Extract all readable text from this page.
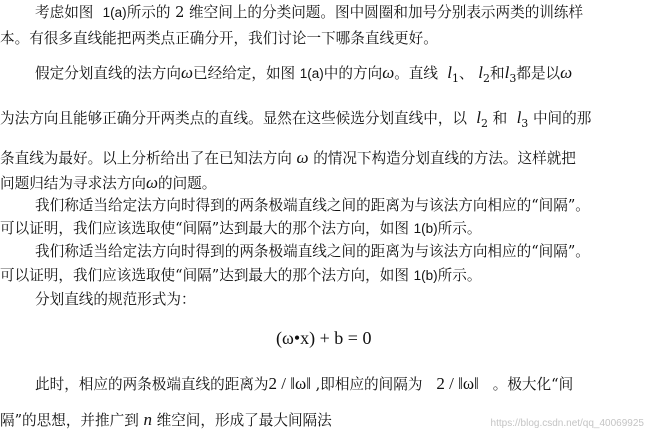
考虑如图 1(a)所示的 2 维空间上的分类问题。图中圆圈和加号分别表示两类的训练样
本。有很多直线能把两类点正确分开，我们讨论一下哪条直线更好。
假定分划直线的法方向ω已经给定，如图 1(a)中的方向ω。直线 $l_1$、 $l_2$和$l_3$都是以ω
为法方向且能够正确分开两类点的直线。显然在这些候选分划直线中，以 $l_2$ 和 $l_3$ 中间的那
条直线为最好。以上分析给出了在已知法方向 ω 的情况下构造分划直线的方法。这样就把
问题归结为寻求法方向ω的问题。
我们称适当给定法方向时得到的两条极端直线之间的距离为与该法方向相应的“间隔”。
可以证明，我们应该选取使“间隔”达到最大的那个法方向，如图 1(b)所示。
我们称适当给定法方向时得到的两条极端直线之间的距离为与该法方向相应的“间隔”。
可以证明，我们应该选取使“间隔”达到最大的那个法方向，如图 1(b)所示。
分划直线的规范形式为：
(ω•x) + b = 0
此时，相应的两条极端直线的距离为2 / ‖ω‖ ,即相应的间隔为 2 / ‖ω‖ 。极大化“间
隔”的思想，并推广到 n 维空间，形成了最大间隔法	https://blog.csdn.net/qq_40069925
